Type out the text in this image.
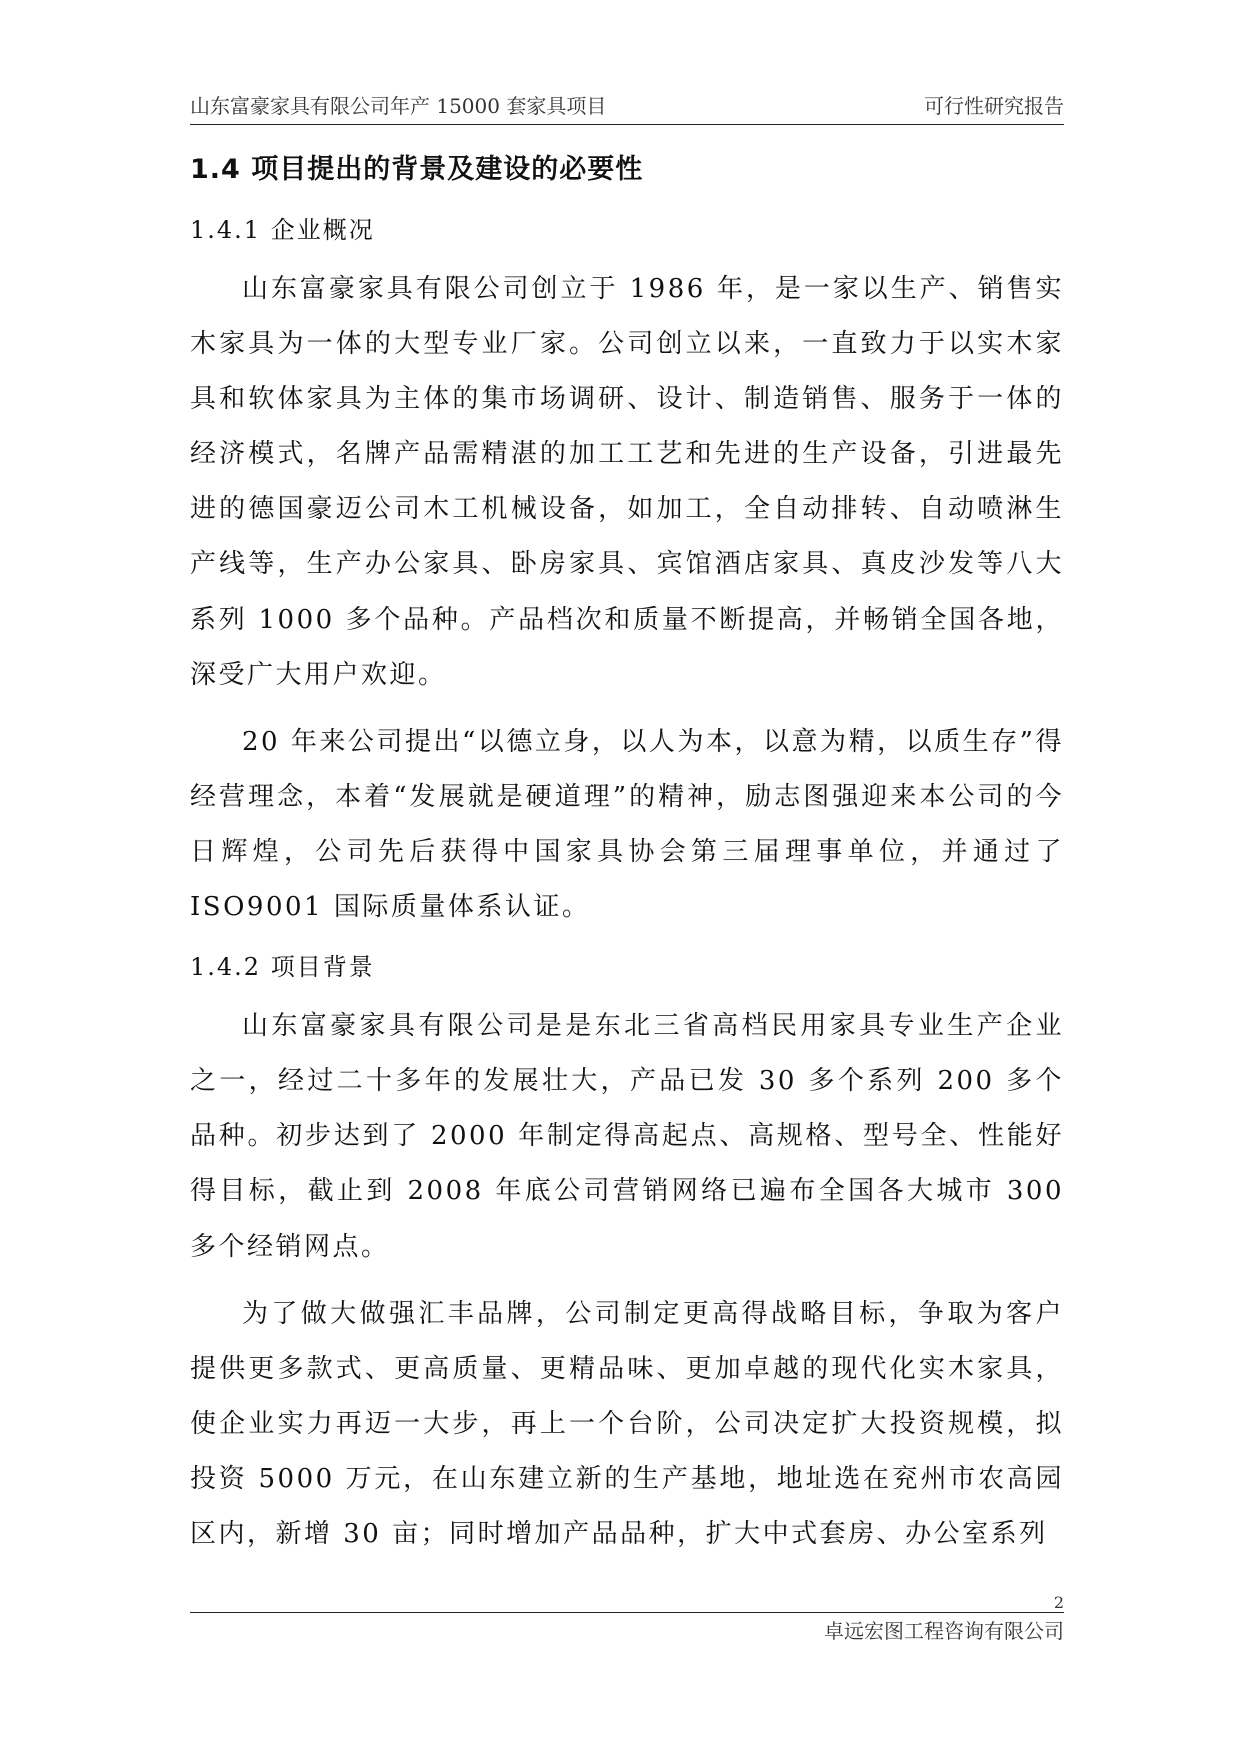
山东富豪家具有限公司年产 15000 套家具项目	可行性研究报告
1.4 项目提出的背景及建设的必要性
1.4.1 企业概况

山东富豪家具有限公司创立于 1986 年，是一家以生产、销售实木家具为一体的大型专业厂家。公司创立以来，一直致力于以实木家具和软体家具为主体的集市场调研、设计、制造销售、服务于一体的经济模式，名牌产品需精湛的加工工艺和先进的生产设备，引进最先进的德国豪迈公司木工机械设备，如加工，全自动排转、自动喷淋生产线等，生产办公家具、卧房家具、宾馆酒店家具、真皮沙发等八大系列 1000 多个品种。产品档次和质量不断提高，并畅销全国各地，深受广大用户欢迎。

20 年来公司提出“以德立身，以人为本，以意为精，以质生存”得经营理念，本着“发展就是硬道理”的精神，励志图强迎来本公司的今日辉煌，公司先后获得中国家具协会第三届理事单位，并通过了 ISO9001 国际质量体系认证。

1.4.2 项目背景

山东富豪家具有限公司是是东北三省高档民用家具专业生产企业之一，经过二十多年的发展壮大，产品已发 30 多个系列 200 多个品种。初步达到了 2000 年制定得高起点、高规格、型号全、性能好得目标，截止到 2008 年底公司营销网络已遍布全国各大城市 300 多个经销网点。

为了做大做强汇丰品牌，公司制定更高得战略目标，争取为客户提供更多款式、更高质量、更精品味、更加卓越的现代化实木家具，使企业实力再迈一大步，再上一个台阶，公司决定扩大投资规模，拟投资 5000 万元，在山东建立新的生产基地，地址选在兖州市农高园区内，新增 30 亩；同时增加产品品种，扩大中式套房、办公室系列

2
卓远宏图工程咨询有限公司
